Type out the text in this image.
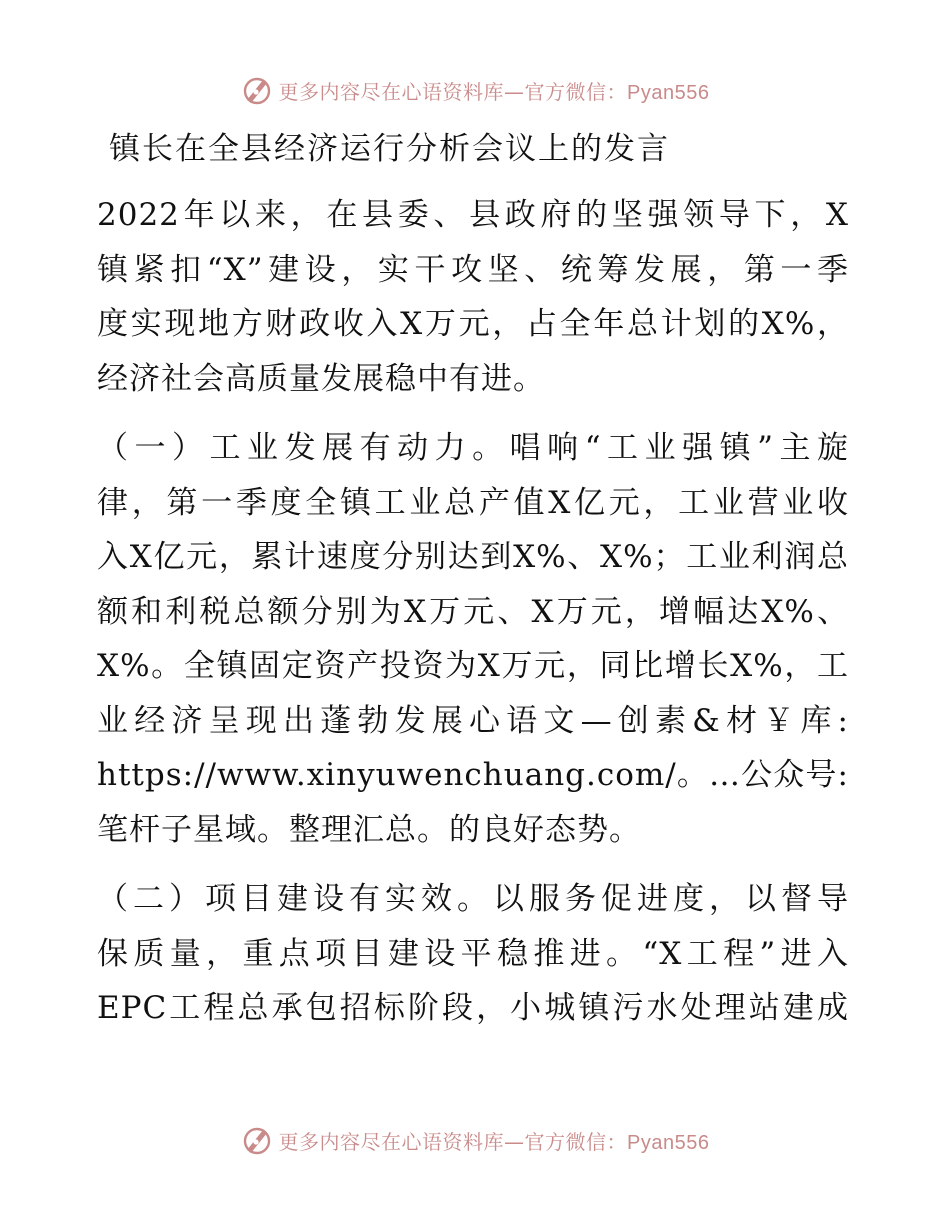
更多内容尽在心语资料库—官方微信：Pyan556
镇长在全县经济运行分析会议上的发言
2022年以来，在县委、县政府的坚强领导下，X
镇紧扣“X”建设，实干攻坚、统筹发展，第一季
度实现地方财政收入X万元，占全年总计划的X%，
经济社会高质量发展稳中有进。
（一）工业发展有动力。唱响“工业强镇”主旋
律，第一季度全镇工业总产值X亿元，工业营业收
入X亿元，累计速度分别达到X%、X%；工业利润总
额和利税总额分别为X万元、X万元，增幅达X%、
X%。全镇固定资产投资为X万元，同比增长X%，工
业经济呈现出蓬勃发展心语文—创素&材￥库:
https://www.xinyuwenchuang.com/。…公众号:
笔杆子星域。整理汇总。的良好态势。
（二）项目建设有实效。以服务促进度，以督导
保质量，重点项目建设平稳推进。“X工程”进入
EPC工程总承包招标阶段，小城镇污水处理站建成
更多内容尽在心语资料库—官方微信：Pyan556
